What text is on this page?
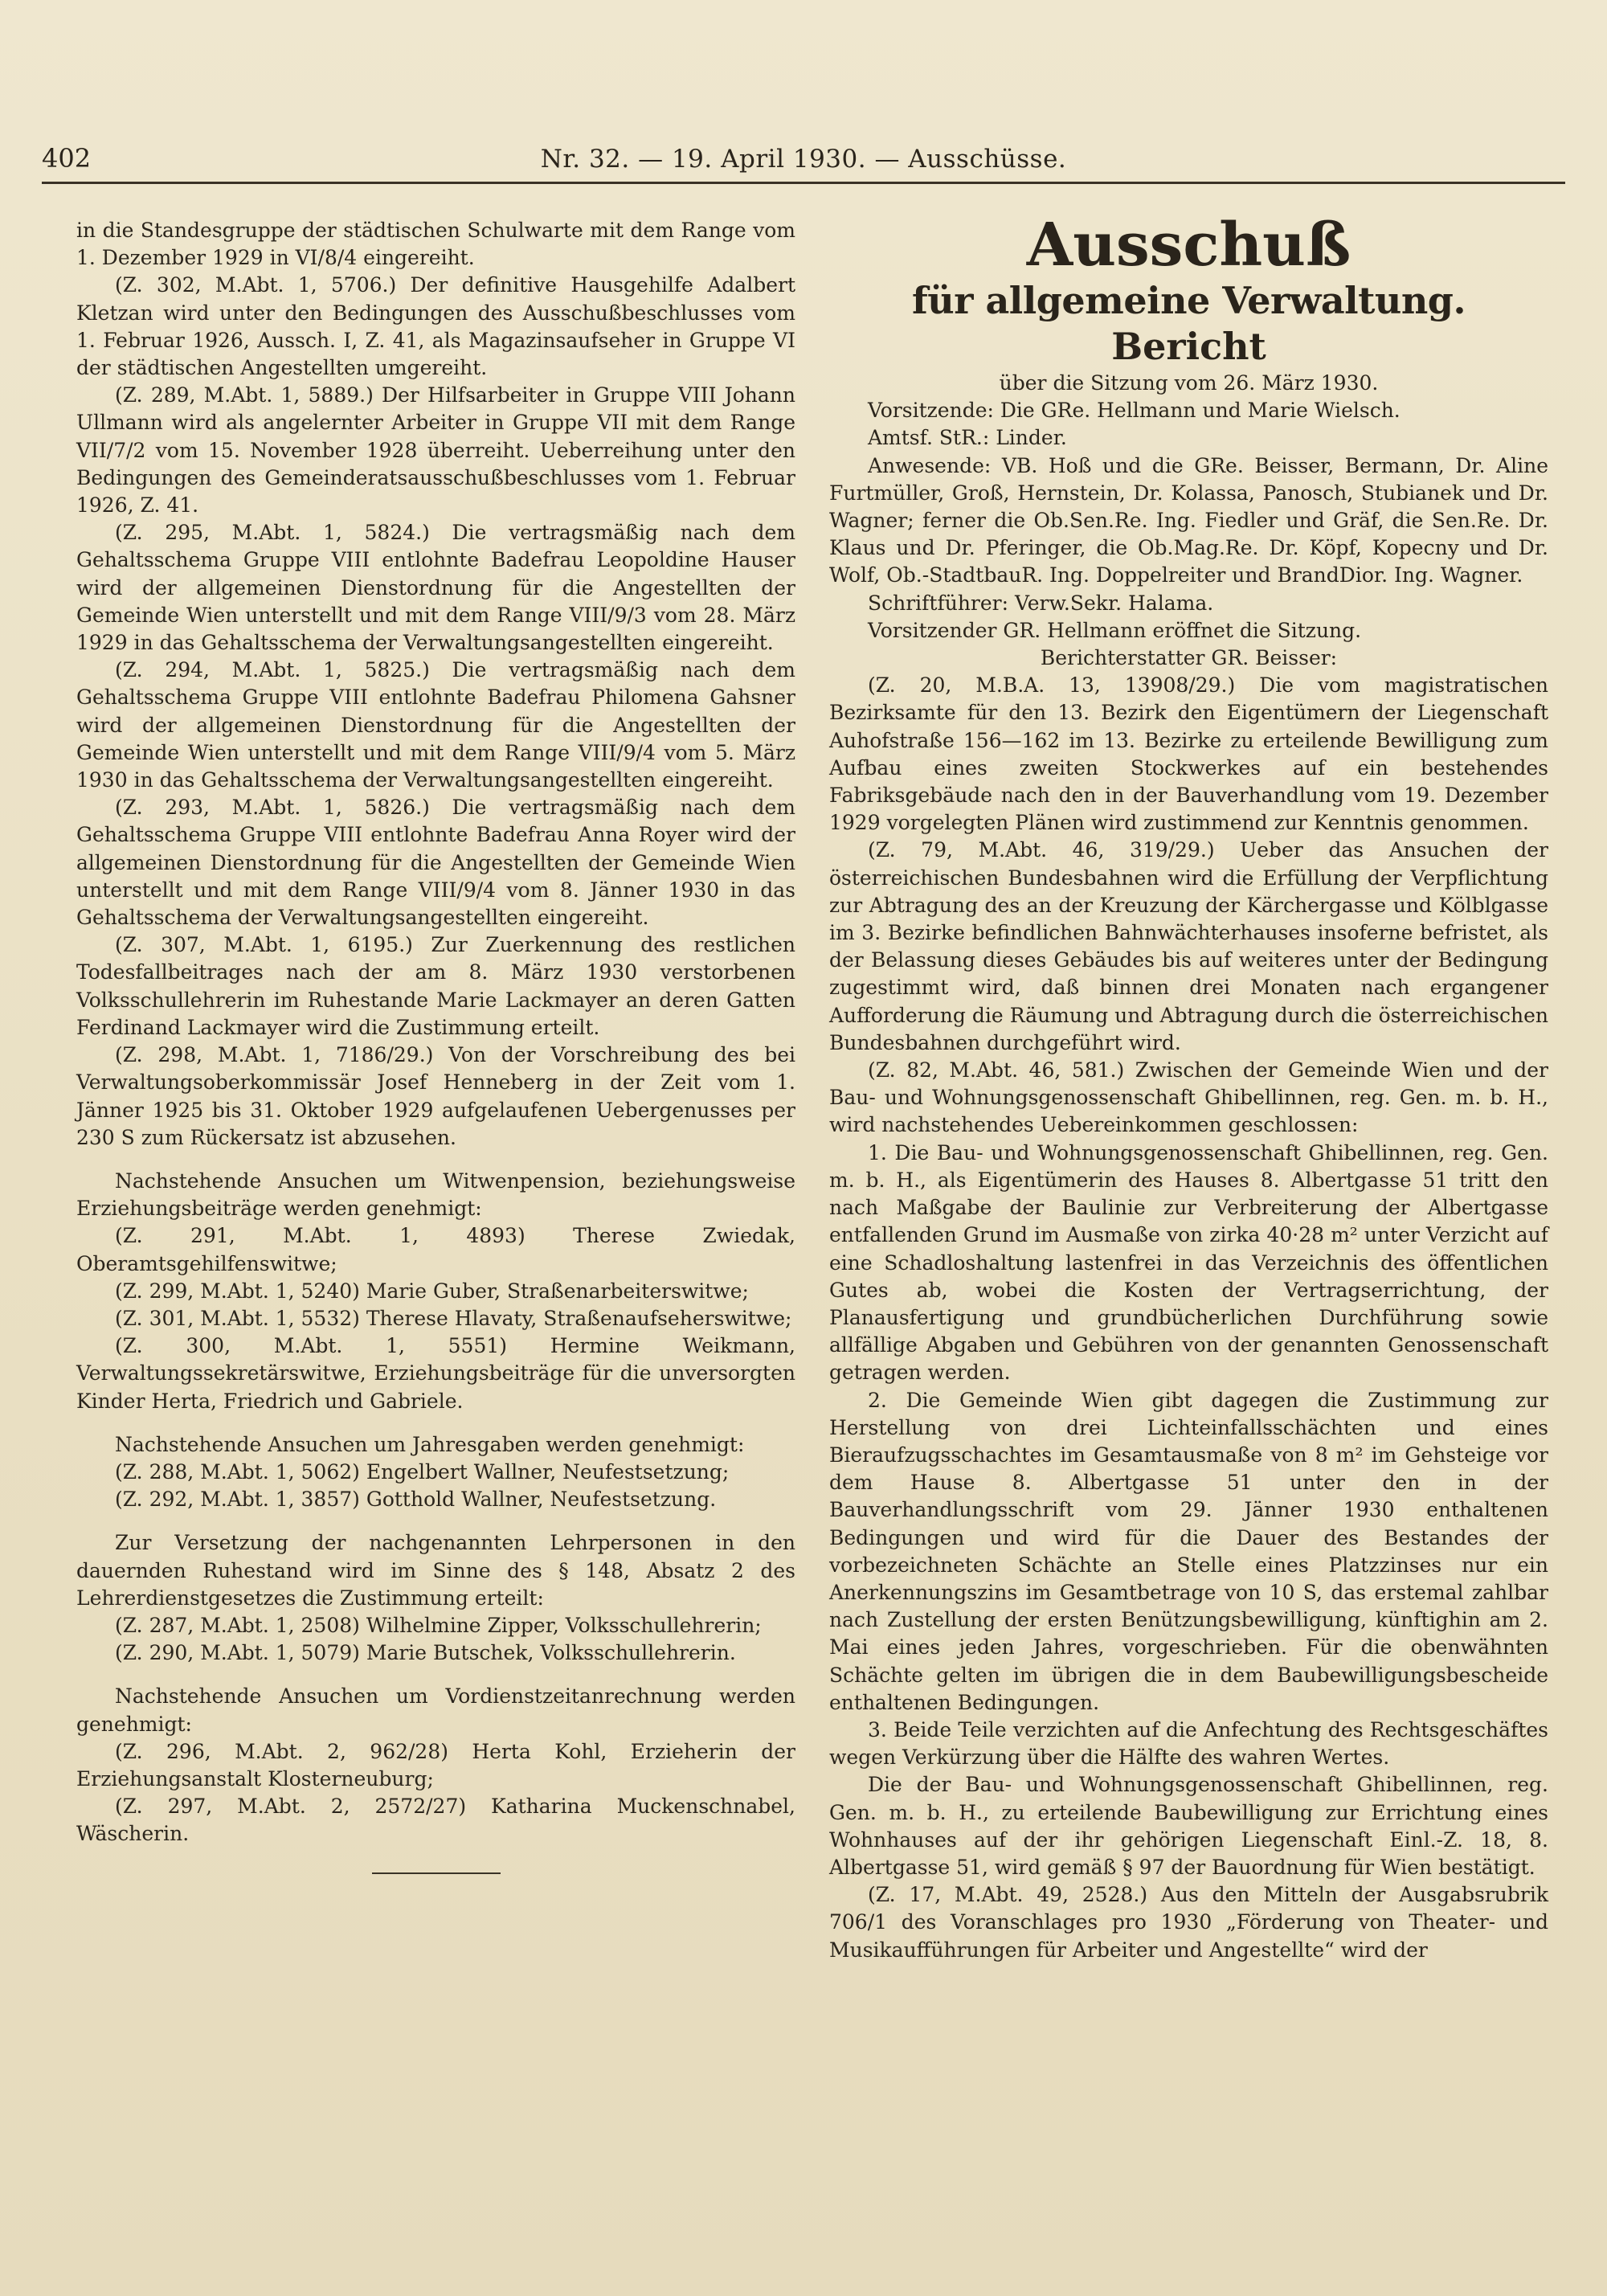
402	Nr. 32. — 19. April 1930. — Ausschüsse.

in die Standesgruppe der städtischen Schulwarte mit dem Range vom 1. Dezember 1929 in VI/8/4 eingereiht.

(Z. 302, M.Abt. 1, 5706.) Der definitive Hausgehilfe Adalbert Kletzan wird unter den Bedingungen des Ausschußbeschlusses vom 1. Februar 1926, Aussch. I, Z. 41, als Magazinsaufseher in Gruppe VI der städtischen Angestellten umgereiht.

(Z. 289, M.Abt. 1, 5889.) Der Hilfsarbeiter in Gruppe VIII Johann Ullmann wird als angelernter Arbeiter in Gruppe VII mit dem Range VII/7/2 vom 15. November 1928 überreiht. Ueberreihung unter den Bedingungen des Gemeinderatsausschußbeschlusses vom 1. Februar 1926, Z. 41.

(Z. 295, M.Abt. 1, 5824.) Die vertragsmäßig nach dem Gehaltsschema Gruppe VIII entlohnte Badefrau Leopoldine Hauser wird der allgemeinen Dienstordnung für die Angestellten der Gemeinde Wien unterstellt und mit dem Range VIII/9/3 vom 28. März 1929 in das Gehaltsschema der Verwaltungsangestellten eingereiht.

(Z. 294, M.Abt. 1, 5825.) Die vertragsmäßig nach dem Gehaltsschema Gruppe VIII entlohnte Badefrau Philomena Gahsner wird der allgemeinen Dienstordnung für die Angestellten der Gemeinde Wien unterstellt und mit dem Range VIII/9/4 vom 5. März 1930 in das Gehaltsschema der Verwaltungsangestellten eingereiht.

(Z. 293, M.Abt. 1, 5826.) Die vertragsmäßig nach dem Gehaltsschema Gruppe VIII entlohnte Badefrau Anna Royer wird der allgemeinen Dienstordnung für die Angestellten der Gemeinde Wien unterstellt und mit dem Range VIII/9/4 vom 8. Jänner 1930 in das Gehaltsschema der Verwaltungsangestellten eingereiht.

(Z. 307, M.Abt. 1, 6195.) Zur Zuerkennung des restlichen Todesfallbeitrages nach der am 8. März 1930 verstorbenen Volksschullehrerin im Ruhestande Marie Lackmayer an deren Gatten Ferdinand Lackmayer wird die Zustimmung erteilt.

(Z. 298, M.Abt. 1, 7186/29.) Von der Vorschreibung des bei Verwaltungsoberkommissär Josef Henneberg in der Zeit vom 1. Jänner 1925 bis 31. Oktober 1929 aufgelaufenen Uebergenusses per 230 S zum Rückersatz ist abzusehen.

Nachstehende Ansuchen um Witwenpension, beziehungsweise Erziehungsbeiträge werden genehmigt:

(Z. 291, M.Abt. 1, 4893) Therese Zwiedak, Oberamtsgehilfenswitwe;

(Z. 299, M.Abt. 1, 5240) Marie Guber, Straßenarbeiterswitwe;

(Z. 301, M.Abt. 1, 5532) Therese Hlavaty, Straßenaufseherswitwe;

(Z. 300, M.Abt. 1, 5551) Hermine Weikmann, Verwaltungssekretärswitwe, Erziehungsbeiträge für die unversorgten Kinder Herta, Friedrich und Gabriele.

Nachstehende Ansuchen um Jahresgaben werden genehmigt:

(Z. 288, M.Abt. 1, 5062) Engelbert Wallner, Neufestsetzung;

(Z. 292, M.Abt. 1, 3857) Gotthold Wallner, Neufestsetzung.

Zur Versetzung der nachgenannten Lehrpersonen in den dauernden Ruhestand wird im Sinne des § 148, Absatz 2 des Lehrerdienstgesetzes die Zustimmung erteilt:

(Z. 287, M.Abt. 1, 2508) Wilhelmine Zipper, Volksschullehrerin;

(Z. 290, M.Abt. 1, 5079) Marie Butschek, Volksschullehrerin.

Nachstehende Ansuchen um Vordienstzeitanrechnung werden genehmigt:

(Z. 296, M.Abt. 2, 962/28) Herta Kohl, Erzieherin der Erziehungsanstalt Klosterneuburg;

(Z. 297, M.Abt. 2, 2572/27) Katharina Muckenschnabel, Wäscherin.

Ausschuß
für allgemeine Verwaltung.
Bericht

über die Sitzung vom 26. März 1930.

Vorsitzende: Die GRe. Hellmann und Marie Wielsch.

Amtsf. StR.: Linder.

Anwesende: VB. Hoß und die GRe. Beisser, Bermann, Dr. Aline Furtmüller, Groß, Hernstein, Dr. Kolassa, Panosch, Stubianek und Dr. Wagner; ferner die Ob.Sen.Re. Ing. Fiedler und Gräf, die Sen.Re. Dr. Klaus und Dr. Pferinger, die Ob.Mag.Re. Dr. Köpf, Kopecny und Dr. Wolf, Ob.-StadtbauR. Ing. Doppelreiter und BrandDior. Ing. Wagner.

Schriftführer: Verw.Sekr. Halama.

Vorsitzender GR. Hellmann eröffnet die Sitzung.

Berichterstatter GR. Beisser:

(Z. 20, M.B.A. 13, 13908/29.) Die vom magistratischen Bezirksamte für den 13. Bezirk den Eigentümern der Liegenschaft Auhofstraße 156—162 im 13. Bezirke zu erteilende Bewilligung zum Aufbau eines zweiten Stockwerkes auf ein bestehendes Fabriksgebäude nach den in der Bauverhandlung vom 19. Dezember 1929 vorgelegten Plänen wird zustimmend zur Kenntnis genommen.

(Z. 79, M.Abt. 46, 319/29.) Ueber das Ansuchen der österreichischen Bundesbahnen wird die Erfüllung der Verpflichtung zur Abtragung des an der Kreuzung der Kärchergasse und Kölblgasse im 3. Bezirke befindlichen Bahnwächterhauses insoferne befristet, als der Belassung dieses Gebäudes bis auf weiteres unter der Bedingung zugestimmt wird, daß binnen drei Monaten nach ergangener Aufforderung die Räumung und Abtragung durch die österreichischen Bundesbahnen durchgeführt wird.

(Z. 82, M.Abt. 46, 581.) Zwischen der Gemeinde Wien und der Bau- und Wohnungsgenossenschaft Ghibellinnen, reg. Gen. m. b. H., wird nachstehendes Uebereinkommen geschlossen:

1. Die Bau- und Wohnungsgenossenschaft Ghibellinnen, reg. Gen. m. b. H., als Eigentümerin des Hauses 8. Albertgasse 51 tritt den nach Maßgabe der Baulinie zur Verbreiterung der Albertgasse entfallenden Grund im Ausmaße von zirka 40·28 m² unter Verzicht auf eine Schadloshaltung lastenfrei in das Verzeichnis des öffentlichen Gutes ab, wobei die Kosten der Vertragserrichtung, der Planausfertigung und grundbücherlichen Durchführung sowie allfällige Abgaben und Gebühren von der genannten Genossenschaft getragen werden.

2. Die Gemeinde Wien gibt dagegen die Zustimmung zur Herstellung von drei Lichteinfallsschächten und eines Bieraufzugsschachtes im Gesamtausmaße von 8 m² im Gehsteige vor dem Hause 8. Albertgasse 51 unter den in der Bauverhandlungsschrift vom 29. Jänner 1930 enthaltenen Bedingungen und wird für die Dauer des Bestandes der vorbezeichneten Schächte an Stelle eines Platzzinses nur ein Anerkennungszins im Gesamtbetrage von 10 S, das erstemal zahlbar nach Zustellung der ersten Benützungsbewilligung, künftighin am 2. Mai eines jeden Jahres, vorgeschrieben. Für die obenwähnten Schächte gelten im übrigen die in dem Baubewilligungsbescheide enthaltenen Bedingungen.

3. Beide Teile verzichten auf die Anfechtung des Rechtsgeschäftes wegen Verkürzung über die Hälfte des wahren Wertes.

Die der Bau- und Wohnungsgenossenschaft Ghibellinnen, reg. Gen. m. b. H., zu erteilende Baubewilligung zur Errichtung eines Wohnhauses auf der ihr gehörigen Liegenschaft Einl.-Z. 18, 8. Albertgasse 51, wird gemäß § 97 der Bauordnung für Wien bestätigt.

(Z. 17, M.Abt. 49, 2528.) Aus den Mitteln der Ausgabsrubrik 706/1 des Voranschlages pro 1930 „Förderung von Theater- und Musikaufführungen für Arbeiter und Angestellte“ wird der
